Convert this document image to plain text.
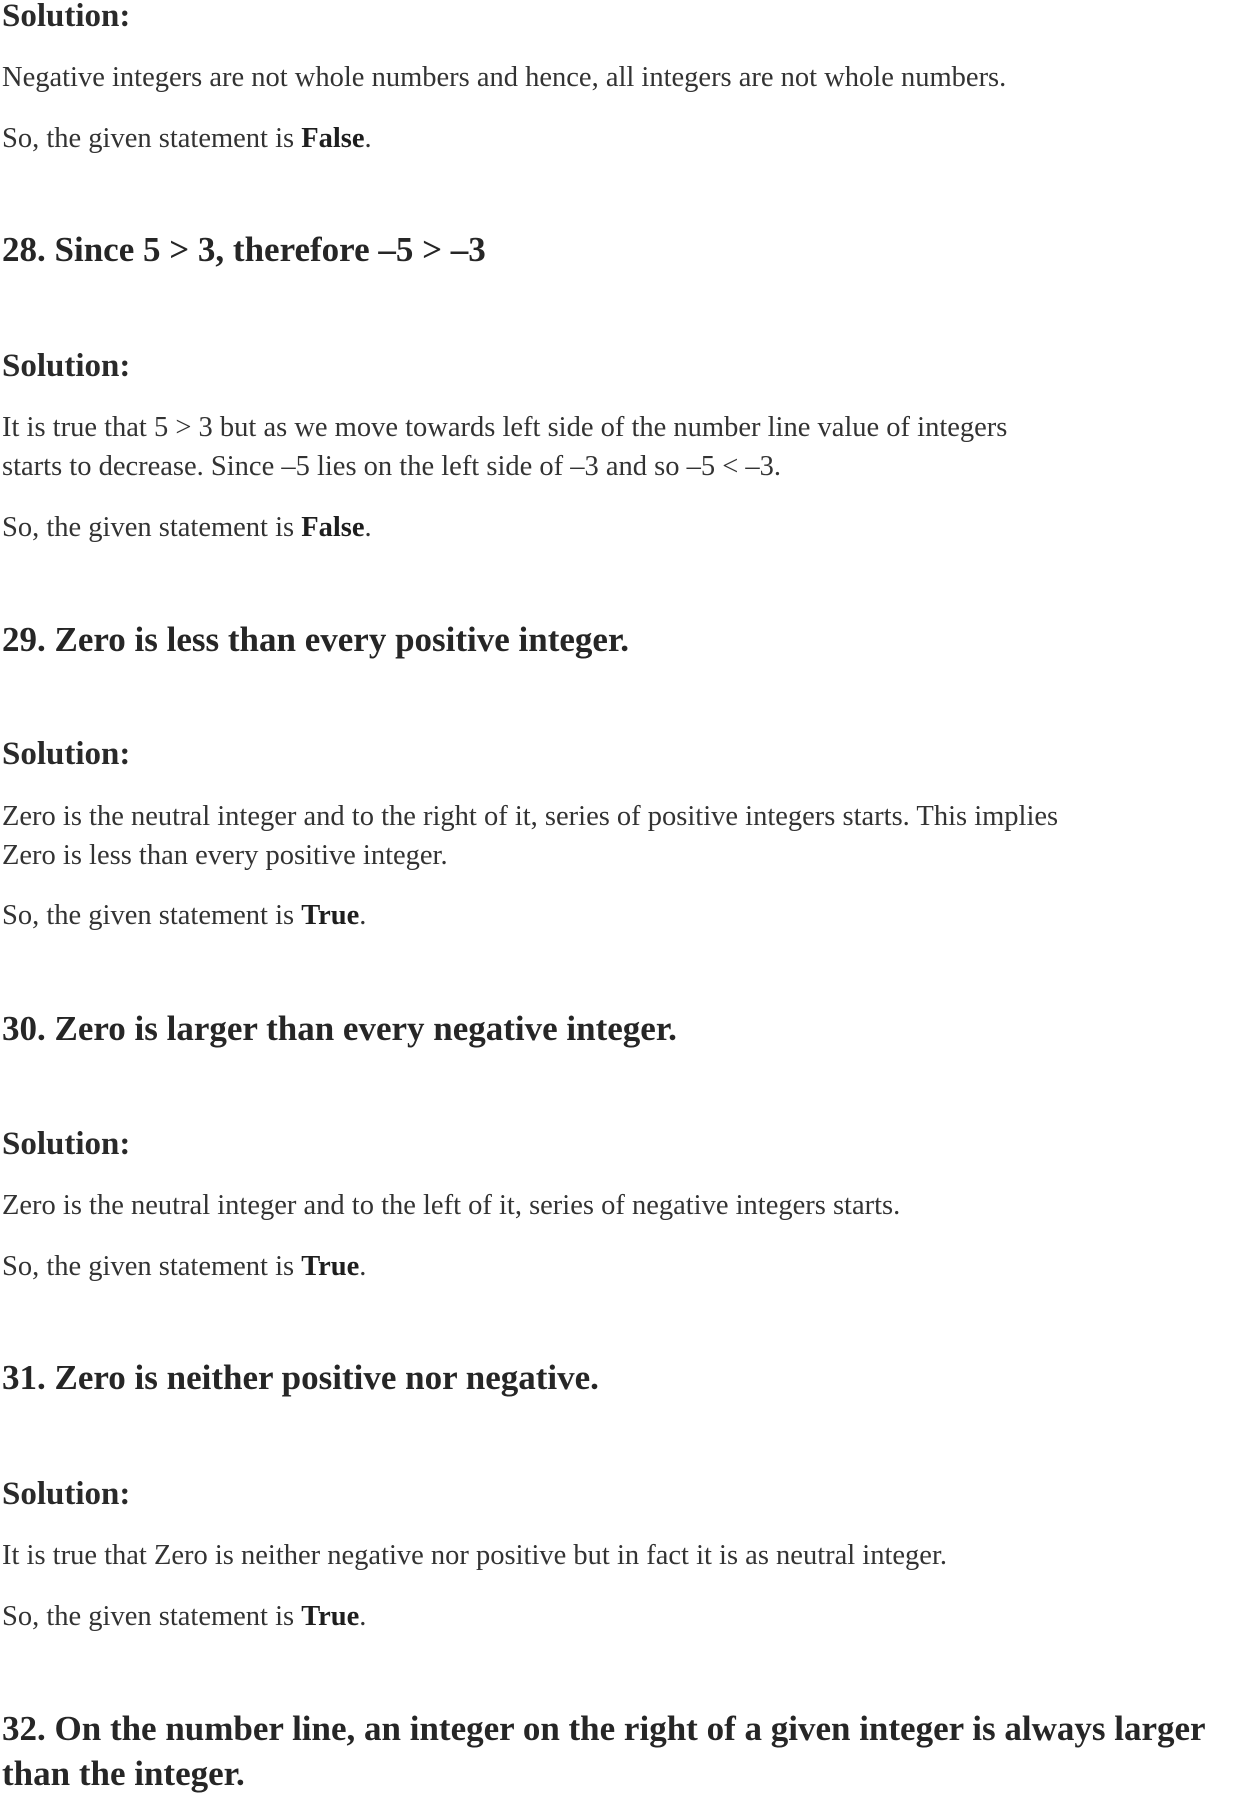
Solution:
Negative integers are not whole numbers and hence, all integers are not whole numbers.
So, the given statement is False.
28. Since 5 > 3, therefore –5 > –3
Solution:
It is true that 5 > 3 but as we move towards left side of the number line value of integers
starts to decrease. Since –5 lies on the left side of –3 and so –5 < –3.
So, the given statement is False.
29. Zero is less than every positive integer.
Solution:
Zero is the neutral integer and to the right of it, series of positive integers starts. This implies
Zero is less than every positive integer.
So, the given statement is True.
30. Zero is larger than every negative integer.
Solution:
Zero is the neutral integer and to the left of it, series of negative integers starts.
So, the given statement is True.
31. Zero is neither positive nor negative.
Solution:
It is true that Zero is neither negative nor positive but in fact it is as neutral integer.
So, the given statement is True.
32. On the number line, an integer on the right of a given integer is always larger than the integer.
